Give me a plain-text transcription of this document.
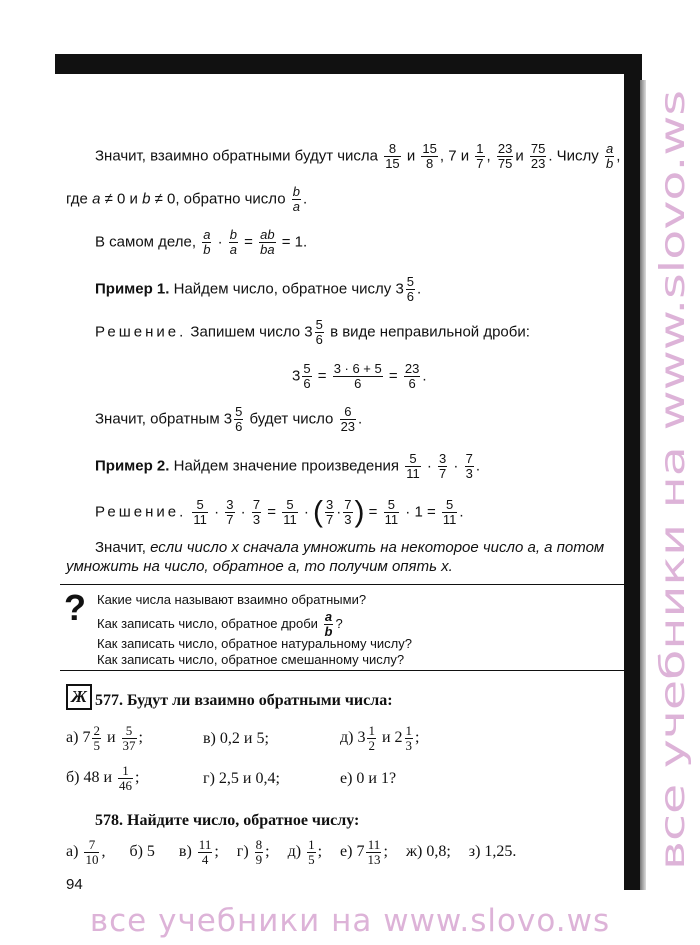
все учебники на www.slovo.ws
Значит, взаимно обратными будут числа $\frac{8}{15}$ и $\frac{15}{8}$ , 7 и $\frac{1}{7}$ , $\frac{23}{75}$ и $\frac{75}{23}$ . Числу $\frac{a}{b}$ ,
где a ≠ 0 и b ≠ 0, обратно число $\frac{b}{a}$ .
В самом деле, $\frac{a}{b} \cdot \frac{b}{a} = \frac{ab}{ba} = 1$.
Пример 1. Найдем число, обратное числу $3 \frac{5}{6}$ .
Решение. Запишем число $3 \frac{5}{6}$ в виде неправильной дроби:
$3 \frac{5}{6} = \frac{3 \cdot 6 + 5}{6} = \frac{23}{6}$ .
Значит, обратным $3 \frac{5}{6}$ будет число $\frac{6}{23}$ .
Пример 2. Найдем значение произведения $\frac{5}{11} \cdot \frac{3}{7} \cdot \frac{7}{3}$ .
Решение. $\frac{5}{11} \cdot \frac{3}{7} \cdot \frac{7}{3} = \frac{5}{11}$ · ( $\frac{3}{7} \cdot \frac{7}{3}$ ) = $\frac{5}{11} \cdot 1 = \frac{5}{11}$ .
Значит, если число x сначала умножить на некоторое число a, а потом
умножить на число, обратное a, то получим опять x.
? Какие числа называют взаимно обратными?
Как записать число, обратное дроби $\frac{a}{b}$ ?
Как записать число, обратное натуральному числу?
Как записать число, обратное смешанному числу?
Ж 577. Будут ли взаимно обратными числа:
а) $7 \frac{2}{5}$ и $\frac{5}{37}$ ;	в) 0,2 и 5;	д) $3 \frac{1}{2}$ и $2 \frac{1}{3}$ ;
б) 48 и $\frac{1}{46}$ ;	г) 2,5 и 0,4;	е) 0 и 1?
578. Найдите число, обратное числу:
$а) \frac{7}{10}$ , б) 5 $в) \frac{11}{4}$ ; $г) \frac{8}{9}$ ; $д) \frac{1}{5}$ ; е) $7 \frac{11}{13}$ ; ж) 0,8; з) 1,25.
94
все учебники на www.slovo.ws
